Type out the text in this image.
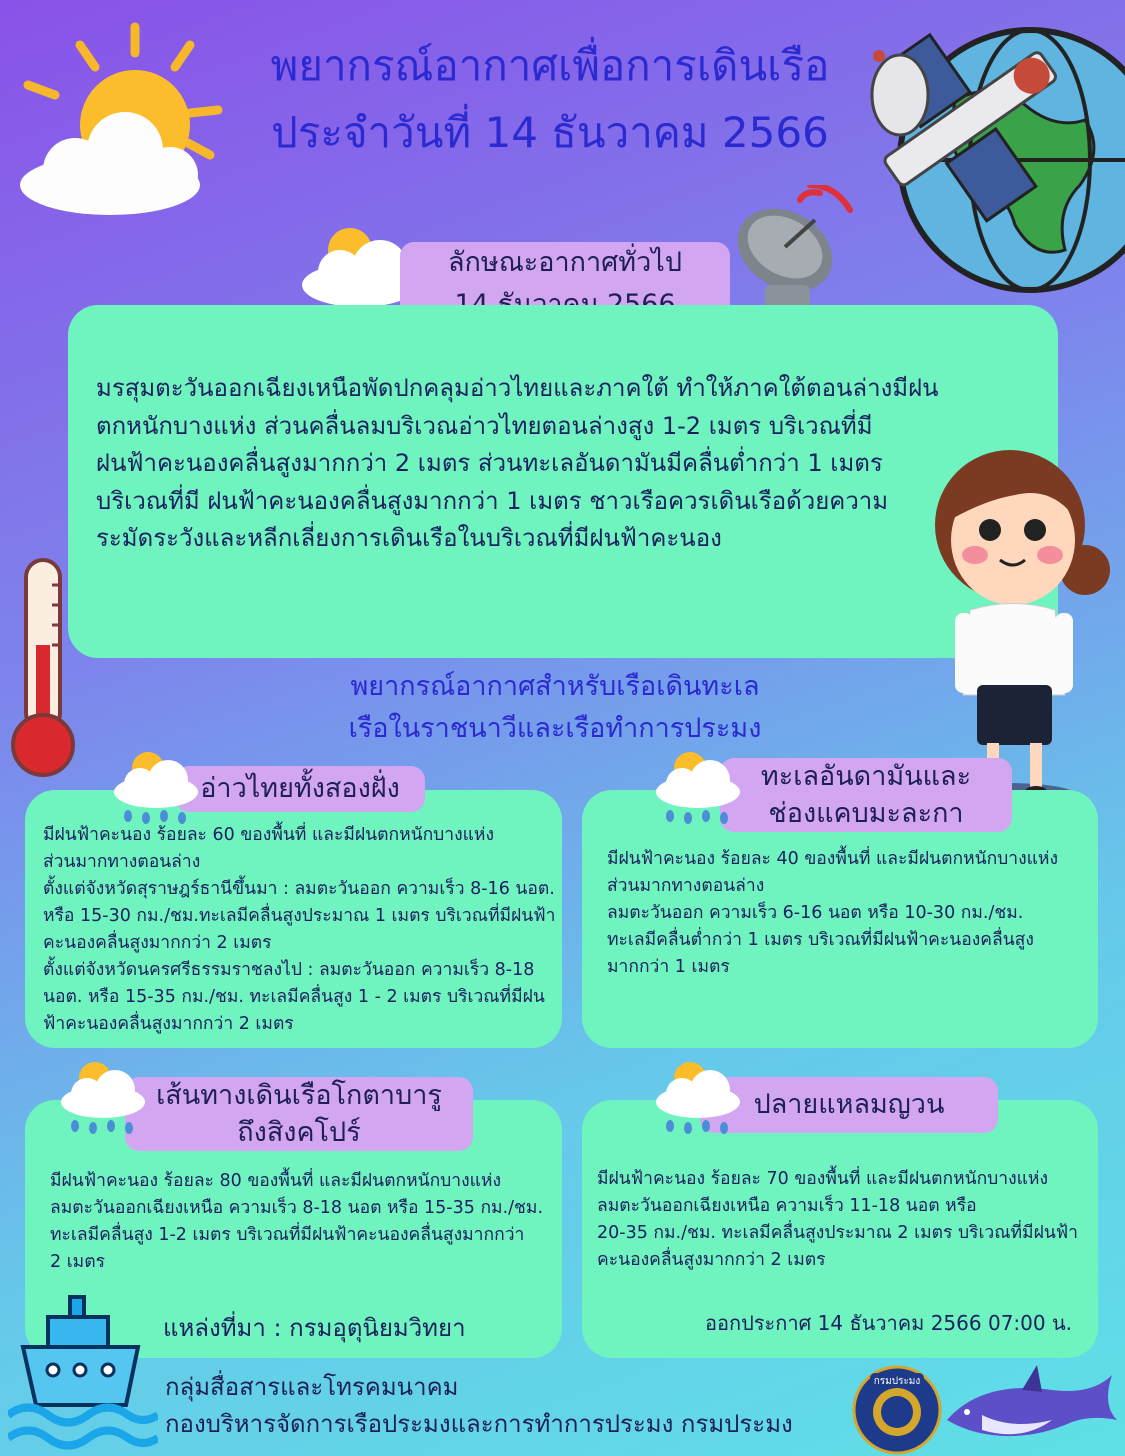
พยากรณ์อากาศเพื่อการเดินเรือ
ประจำวันที่ 14 ธันวาคม 2566
ลักษณะอากาศทั่วไป

มรสุมตะวันออกเฉียงเหนือพัดปกคลุมอ่าวไทยและภาคใต้ ทำให้ภาคใต้ตอนล่างมีฝน
ตกหนักบางแห่ง ส่วนคลื่นลมบริเวณอ่าวไทยตอนล่างสูง 1-2 เมตร บริเวณที่มี
ฝนฟ้าคะนองคลื่นสูงมากกว่า 2 เมตร ส่วนทะเลอันดามันมีคลื่นต่ำกว่า 1 เมตร
บริเวณที่มี ฝนฟ้าคะนองคลื่นสูงมากกว่า 1 เมตร ชาวเรือควรเดินเรือด้วยความ
ระมัดระวังและหลีกเลี่ยงการเดินเรือในบริเวณที่มีฝนฟ้าคะนอง

พยากรณ์อากาศสำหรับเรือเดินทะเล
เรือในราชนาวีและเรือทำการประมง

มีฝนฟ้าคะนอง ร้อยละ 60 ของพื้นที่ และมีฝนตกหนักบางแห่ง
ส่วนมากทางตอนล่าง
ตั้งแต่จังหวัดสุราษฎร์ธานีขึ้นมา : ลมตะวันออก ความเร็ว 8-16 นอต.
หรือ 15-30 กม./ชม.ทะเลมีคลื่นสูงประมาณ 1 เมตร บริเวณที่มีฝนฟ้า
คะนองคลื่นสูงมากกว่า 2 เมตร
ตั้งแต่จังหวัดนครศรีธรรมราชลงไป : ลมตะวันออก ความเร็ว 8-18
นอต. หรือ 15-35 กม./ชม. ทะเลมีคลื่นสูง 1 - 2 เมตร บริเวณที่มีฝน
ฟ้าคะนองคลื่นสูงมากกว่า 2 เมตร

อ่าวไทยทั้งสองฝั่ง

มีฝนฟ้าคะนอง ร้อยละ 40 ของพื้นที่ และมีฝนตกหนักบางแห่ง
ส่วนมากทางตอนล่าง
ลมตะวันออก ความเร็ว 6-16 นอต หรือ 10-30 กม./ชม.
ทะเลมีคลื่นต่ำกว่า 1 เมตร บริเวณที่มีฝนฟ้าคะนองคลื่นสูง
มากกว่า 1 เมตร

ทะเลอันดามันและ
ช่องแคบมะละกา

มีฝนฟ้าคะนอง ร้อยละ 80 ของพื้นที่ และมีฝนตกหนักบางแห่ง
ลมตะวันออกเฉียงเหนือ ความเร็ว 8-18 นอต หรือ 15-35 กม./ชม.
ทะเลมีคลื่นสูง 1-2 เมตร บริเวณที่มีฝนฟ้าคะนองคลื่นสูงมากกว่า
2 เมตร

แหล่งที่มา : กรมอุตุนิยมวิทยา
เส้นทางเดินเรือโกตาบารู
ถึงสิงคโปร์

มีฝนฟ้าคะนอง ร้อยละ 70 ของพื้นที่ และมีฝนตกหนักบางแห่ง
ลมตะวันออกเฉียงเหนือ ความเร็ว 11-18 นอต หรือ
20-35 กม./ชม. ทะเลมีคลื่นสูงประมาณ 2 เมตร บริเวณที่มีฝนฟ้า
คะนองคลื่นสูงมากกว่า 2 เมตร

ออกประกาศ 14 ธันวาคม 2566 07:00 น.
ปลายแหลมญวน
กลุ่มสื่อสารและโทรคมนาคม
กองบริหารจัดการเรือประมงและการทำการประมง กรมประมง
กรมประมง
